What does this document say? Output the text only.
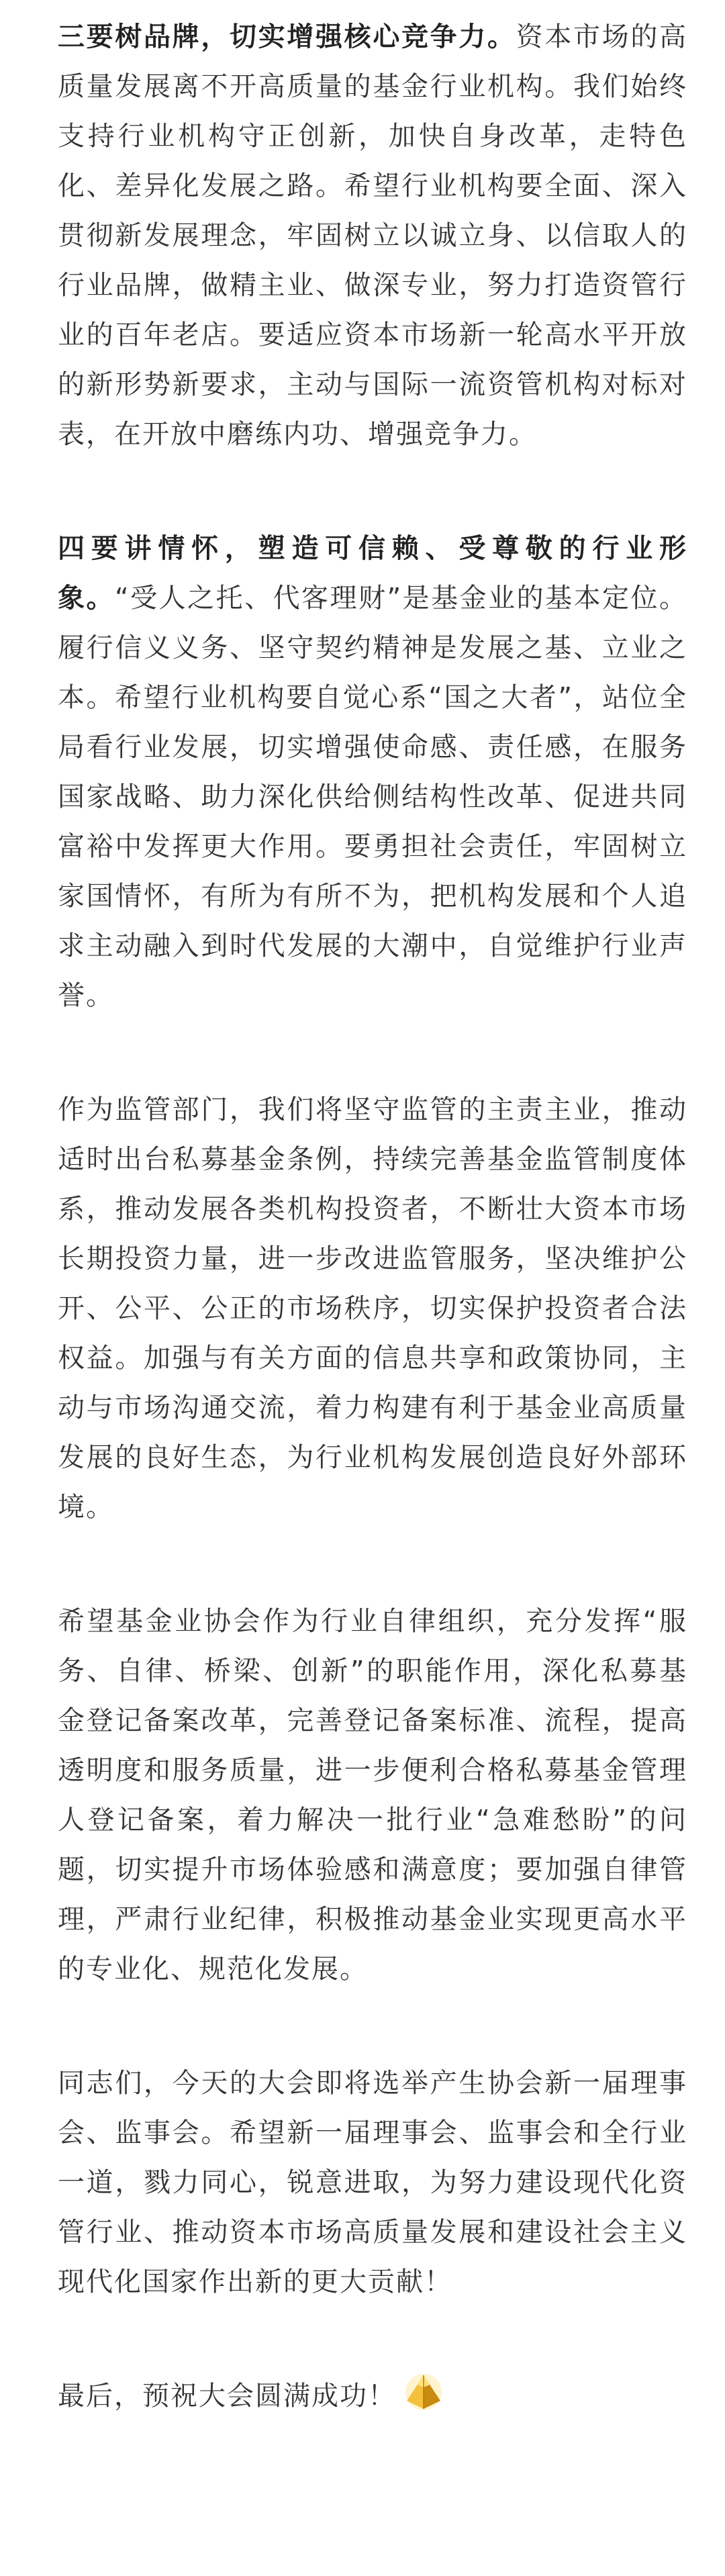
三要树品牌，切实增强核心竞争力。资本市场的高质量发展离不开高质量的基金行业机构。我们始终支持行业机构守正创新，加快自身改革，走特色化、差异化发展之路。希望行业机构要全面、深入贯彻新发展理念，牢固树立以诚立身、以信取人的行业品牌，做精主业、做深专业，努力打造资管行业的百年老店。要适应资本市场新一轮高水平开放的新形势新要求，主动与国际一流资管机构对标对表，在开放中磨练内功、增强竞争力。

四要讲情怀，塑造可信赖、受尊敬的行业形象。“受人之托、代客理财”是基金业的基本定位。履行信义义务、坚守契约精神是发展之基、立业之本。希望行业机构要自觉心系“国之大者”，站位全局看行业发展，切实增强使命感、责任感，在服务国家战略、助力深化供给侧结构性改革、促进共同富裕中发挥更大作用。要勇担社会责任，牢固树立家国情怀，有所为有所不为，把机构发展和个人追求主动融入到时代发展的大潮中，自觉维护行业声誉。

作为监管部门，我们将坚守监管的主责主业，推动适时出台私募基金条例，持续完善基金监管制度体系，推动发展各类机构投资者，不断壮大资本市场长期投资力量，进一步改进监管服务，坚决维护公开、公平、公正的市场秩序，切实保护投资者合法权益。加强与有关方面的信息共享和政策协同，主动与市场沟通交流，着力构建有利于基金业高质量发展的良好生态，为行业机构发展创造良好外部环境。

希望基金业协会作为行业自律组织，充分发挥“服务、自律、桥梁、创新”的职能作用，深化私募基金登记备案改革，完善登记备案标准、流程，提高透明度和服务质量，进一步便利合格私募基金管理人登记备案，着力解决一批行业“急难愁盼”的问题，切实提升市场体验感和满意度；要加强自律管理，严肃行业纪律，积极推动基金业实现更高水平的专业化、规范化发展。

同志们，今天的大会即将选举产生协会新一届理事会、监事会。希望新一届理事会、监事会和全行业一道，戮力同心，锐意进取，为努力建设现代化资管行业、推动资本市场高质量发展和建设社会主义现代化国家作出新的更大贡献！

最后，预祝大会圆满成功！
